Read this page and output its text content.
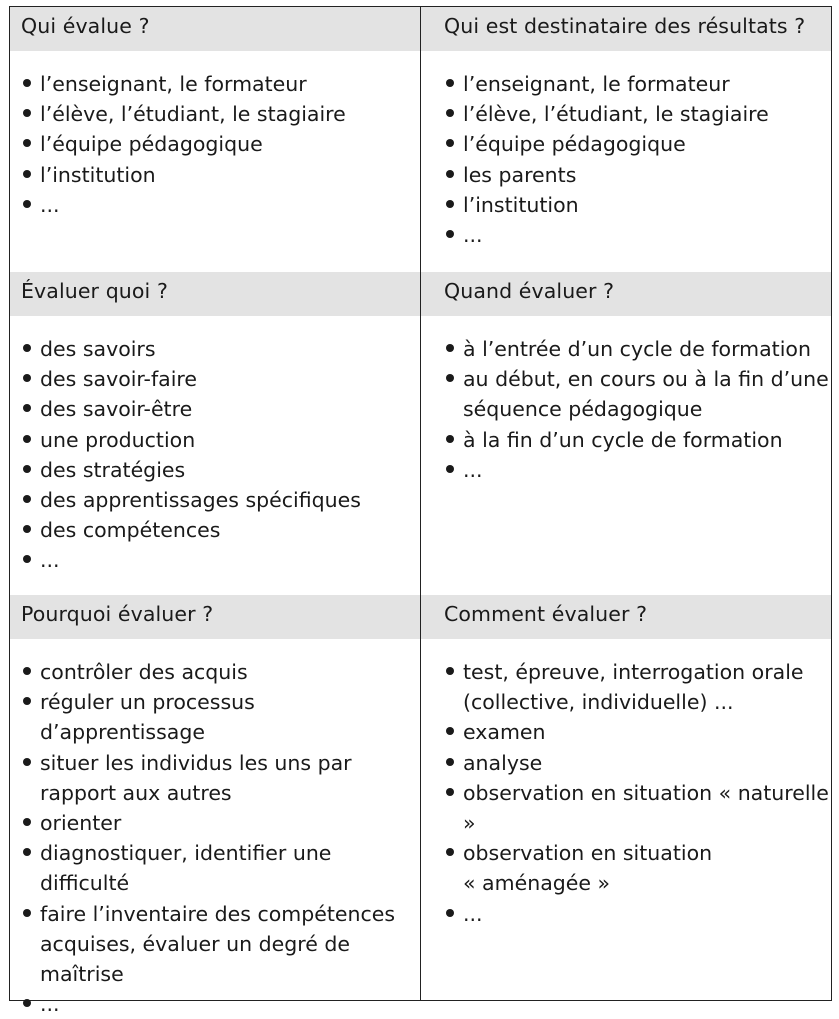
Qui évalue ?
l’enseignant, le formateur
l’élève, l’étudiant, le stagiaire
l’équipe pédagogique
l’institution
...
Qui est destinataire des résultats ?
l’enseignant, le formateur
l’élève, l’étudiant, le stagiaire
l’équipe pédagogique
les parents
l’institution
...
Évaluer quoi ?
des savoirs
des savoir-faire
des savoir-être
une production
des stratégies
des apprentissages spécifiques
des compétences
...
Quand évaluer ?
à l’entrée d’un cycle de formation
au début, en cours ou à la fin d’une
séquence pédagogique
à la fin d’un cycle de formation
...
Pourquoi évaluer ?
contrôler des acquis
réguler un processus d’apprentissage
situer les individus les uns par
rapport aux autres
orienter
diagnostiquer, identifier une
difficulté
faire l’inventaire des compétences
acquises, évaluer un degré de
maîtrise
...
Comment évaluer ?
test, épreuve, interrogation orale
(collective, individuelle) ...
examen
analyse
observation en situation « naturelle »
observation en situation
« aménagée »
...
